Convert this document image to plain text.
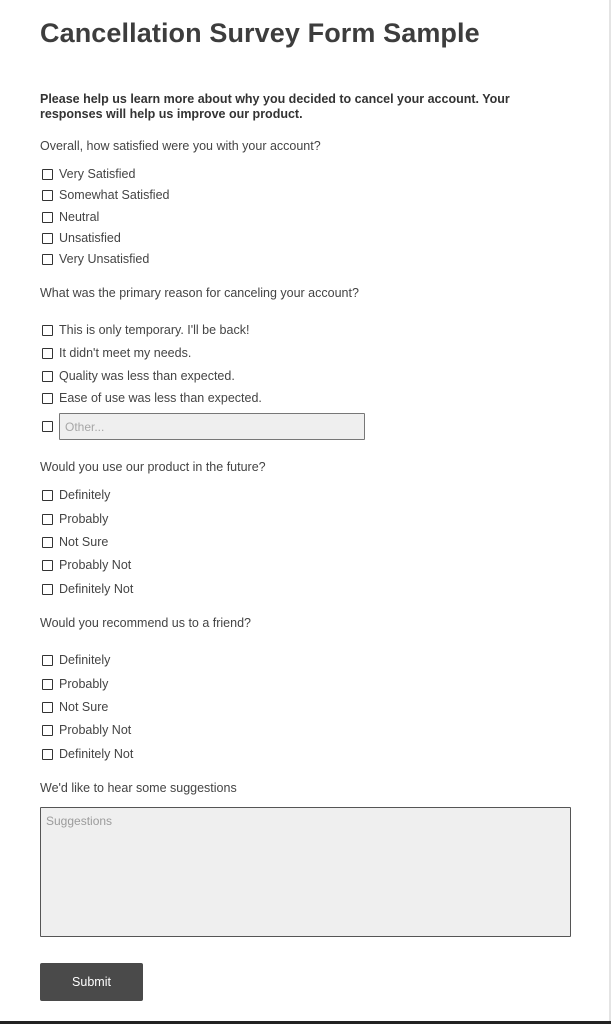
Cancellation Survey Form Sample

Please help us learn more about why you decided to cancel your account. Your responses will help us improve our product.

Overall, how satisfied were you with your account?
Very Satisfied
Somewhat Satisfied
Neutral
Unsatisfied
Very Unsatisfied
What was the primary reason for canceling your account?
This is only temporary. I'll be back!
It didn't meet my needs.
Quality was less than expected.
Ease of use was less than expected.
Other...
Would you use our product in the future?
Definitely
Probably
Not Sure
Probably Not
Definitely Not
Would you recommend us to a friend?
Definitely
Probably
Not Sure
Probably Not
Definitely Not
We'd like to hear some suggestions
Suggestions
Submit
